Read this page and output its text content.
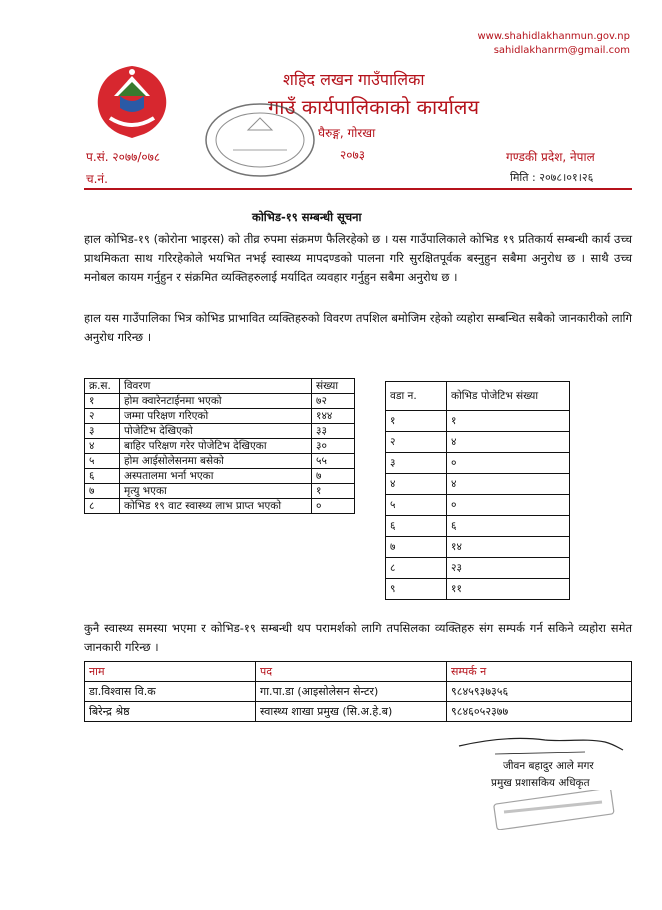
www.shahidlakhanmun.gov.np
sahidlakhanrm@gmail.com
शहिद लखन गाउँपालिका
गाउँ कार्यपालिकाको कार्यालय
घैरुङ्ग, गोरखा
२०७३
प.सं. २०७७/०७८
च.नं.
गण्डकी प्रदेश, नेपाल
मिति : २०७८।०१।२६
कोभिड-१९ सम्बन्धी सूचना
हाल कोभिड-१९ (कोरोना भाइरस) को तीव्र रुपमा संक्रमण फैलिरहेको छ । यस गाउँपालिकाले कोभिड १९ प्रतिकार्य सम्बन्धी कार्य उच्च प्राथमिकता साथ गरिरहेकोले भयभित नभई स्वास्थ्य मापदण्डको पालना गरि सुरक्षितपूर्वक बस्नुहुन सबैमा अनुरोध छ । साथै उच्च मनोबल कायम गर्नुहुन र संक्रमित व्यक्तिहरुलाई मर्यादित व्यवहार गर्नुहुन सबैमा अनुरोध छ ।
हाल यस गाउँपालिका भित्र कोभिड प्राभावित व्यक्तिहरुको विवरण तपशिल बमोजिम रहेको व्यहोरा सम्बन्धित सबैको जानकारीको लागि अनुरोध गरिन्छ ।
क्र.स.	विवरण	संख्या
१	होम क्वारेनटाईनमा भएको	७२
२	जम्मा परिक्षण गरिएको	१४४
३	पोजेटिभ देखिएको	३३
४	बाहिर परिक्षण गरेर पोजेटिभ देखिएका	३०
५	होम आईसोलेसनमा बसेको	५५
६	अस्पतालमा भर्ना भएका	७
७	मृत्यु भएका	१
८	कोभिड १९ वाट स्वास्थ्य लाभ प्राप्त भएको	०
वडा न.	कोभिड पोजेटिभ संख्या
१	१
२	४
३	०
४	४
५	०
६	६
७	१४
८	२३
९	११
कुनै स्वास्थ्य समस्या भएमा र कोभिड-१९ सम्बन्धी थप परामर्शको लागि तपसिलका व्यक्तिहरु संग सम्पर्क गर्न सकिने व्यहोरा समेत जानकारी गरिन्छ ।
नाम	पद	सम्पर्क न
डा.विश्वास वि.क	गा.पा.डा (आइसोलेसन सेन्टर)	९८४५९३७३५६
बिरेन्द्र श्रेष्ठ	स्वास्थ्य शाखा प्रमुख (सि.अ.हे.ब)	९८४६०५२३७७
जीवन बहादुर आले मगर
प्रमुख प्रशासकिय अधिकृत
